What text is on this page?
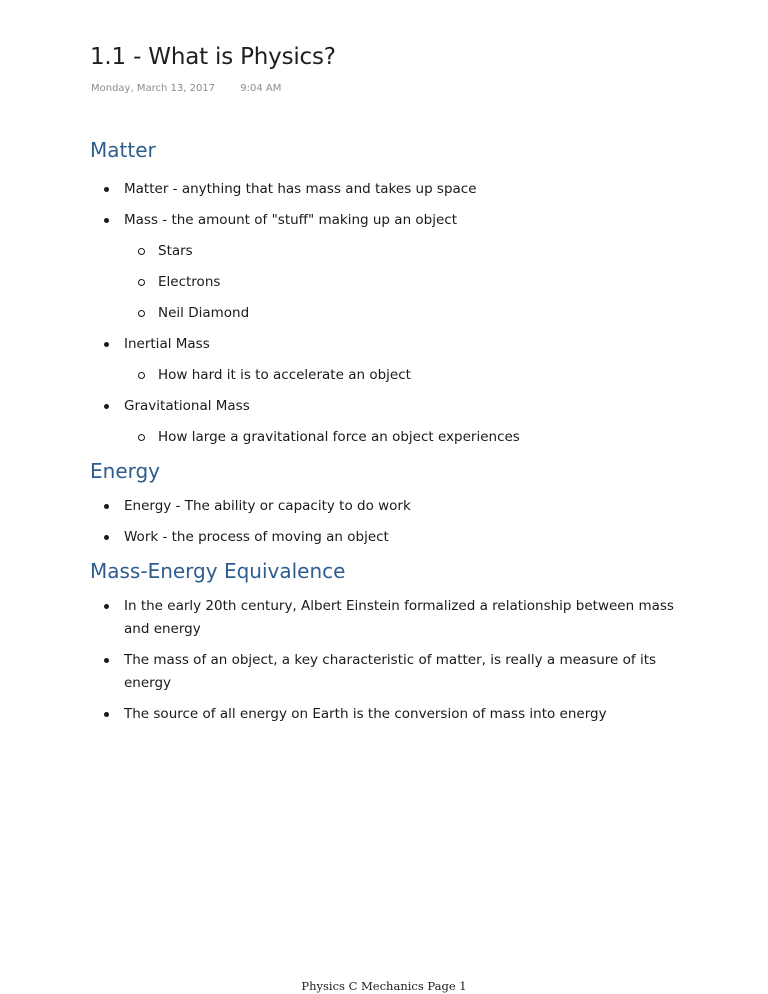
1.1 - What is Physics?
Monday, March 13, 2017	9:04 AM
Matter
Matter - anything that has mass and takes up space
Mass - the amount of "stuff" making up an object
Stars
Electrons
Neil Diamond
Inertial Mass
How hard it is to accelerate an object
Gravitational Mass
How large a gravitational force an object experiences
Energy
Energy - The ability or capacity to do work
Work - the process of moving an object
Mass-Energy Equivalence
In the early 20th century, Albert Einstein formalized a relationship between mass and energy
The mass of an object, a key characteristic of matter, is really a measure of its energy
The source of all energy on Earth is the conversion of mass into energy
Physics C Mechanics Page 1
